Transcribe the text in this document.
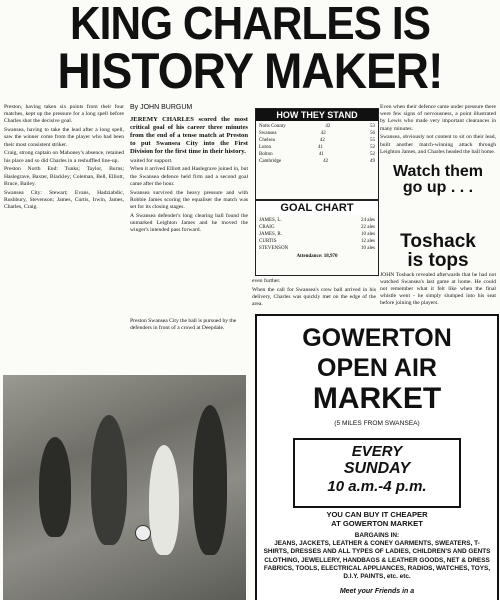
KING CHARLES IS
HISTORY MAKER!

Preston, having taken six points from their four matches, kept up the pressure for a long spell before Charles shot the decisive goal.

Swansea, having to take the lead after a long spell, saw the winner come from the player who had been their most consistent striker.

Craig, strong captain on Mahoney's absence, retained his place and so did Charles in a reshuffled line-up.

Preston North End: Tunks; Taylor, Burns; Haslegrave, Baxter, Blackley; Coleman, Bell, Elliott, Bruce, Bailey.

Swansea City: Stewart; Evans, Hadziabdic, Rushbury, Stevenson; James, Curtis, Irwin, James, Charles, Craig.

By JOHN BURGUM

JEREMY CHARLES scored the most critical goal of his career three minutes from the end of a tense match at Preston to put Swansea City into the First Division for the first time in their history.

waited for support.

When it arrived Elliott and Haslegrave joined in, but the Swansea defence held firm and a second goal came after the hour.

Swansea survived the heavy pressure and with Robbie James scoring the equaliser the match was set for its closing stages.

A Swansea defender's long clearing ball found the unmarked Leighton James and he moved the winger's intended pass forward.

Preston Swansea City the ball is pursued by the defenders in front of a crowd at Deepdale.
HOW THEY STAND
Notts County	42	53
Swansea	42	56
Chelsea	42	55
Luton	41	52
Bolton	41	52
Cambridge	42	49
GOAL CHART
JAMES, L.	24 ales
CRAIG	22 ales
JAMES, R.	10 ales
CURTIS	12 ales
STEVENSON	10 ales
Attendance: 18,970

even further.

When the call for Swansea's crew ball arrived in his delivery, Charles was quickly met on the edge of the area.

Even when their defence came under pressure there were few signs of nervousness, a point illustrated by Lewis who made very important clearances in many minutes.

Swansea, obviously not content to sit on their lead, built another match-winning attack through Leighton James, and Charles headed the ball home.

Watch them
go up . . .
Toshack
is tops
JOHN Toshack revealed afterwards that he had not watched Swansea's last game at home. He could not remember what it felt like when the final whistle went - he simply slumped into his seat before joining the players.
GOWERTON
OPEN AIR
MARKET
(5 MILES FROM SWANSEA)
EVERY
SUNDAY
10 a.m.-4 p.m.
YOU CAN BUY IT CHEAPER
AT GOWERTON MARKET
BARGAINS IN:
JEANS, JACKETS, LEATHER & CONEY GARMENTS, SWEATERS, T-SHIRTS, DRESSES AND ALL TYPES OF LADIES, CHILDREN'S AND GENTS CLOTHING, JEWELLERY, HANDBAGS & LEATHER GOODS, NET & DRESS FABRICS, TOOLS, ELECTRICAL APPLIANCES, RADIOS, WATCHES, TOYS, D.I.Y. PAINTS, etc. etc.
Meet your Friends in a
